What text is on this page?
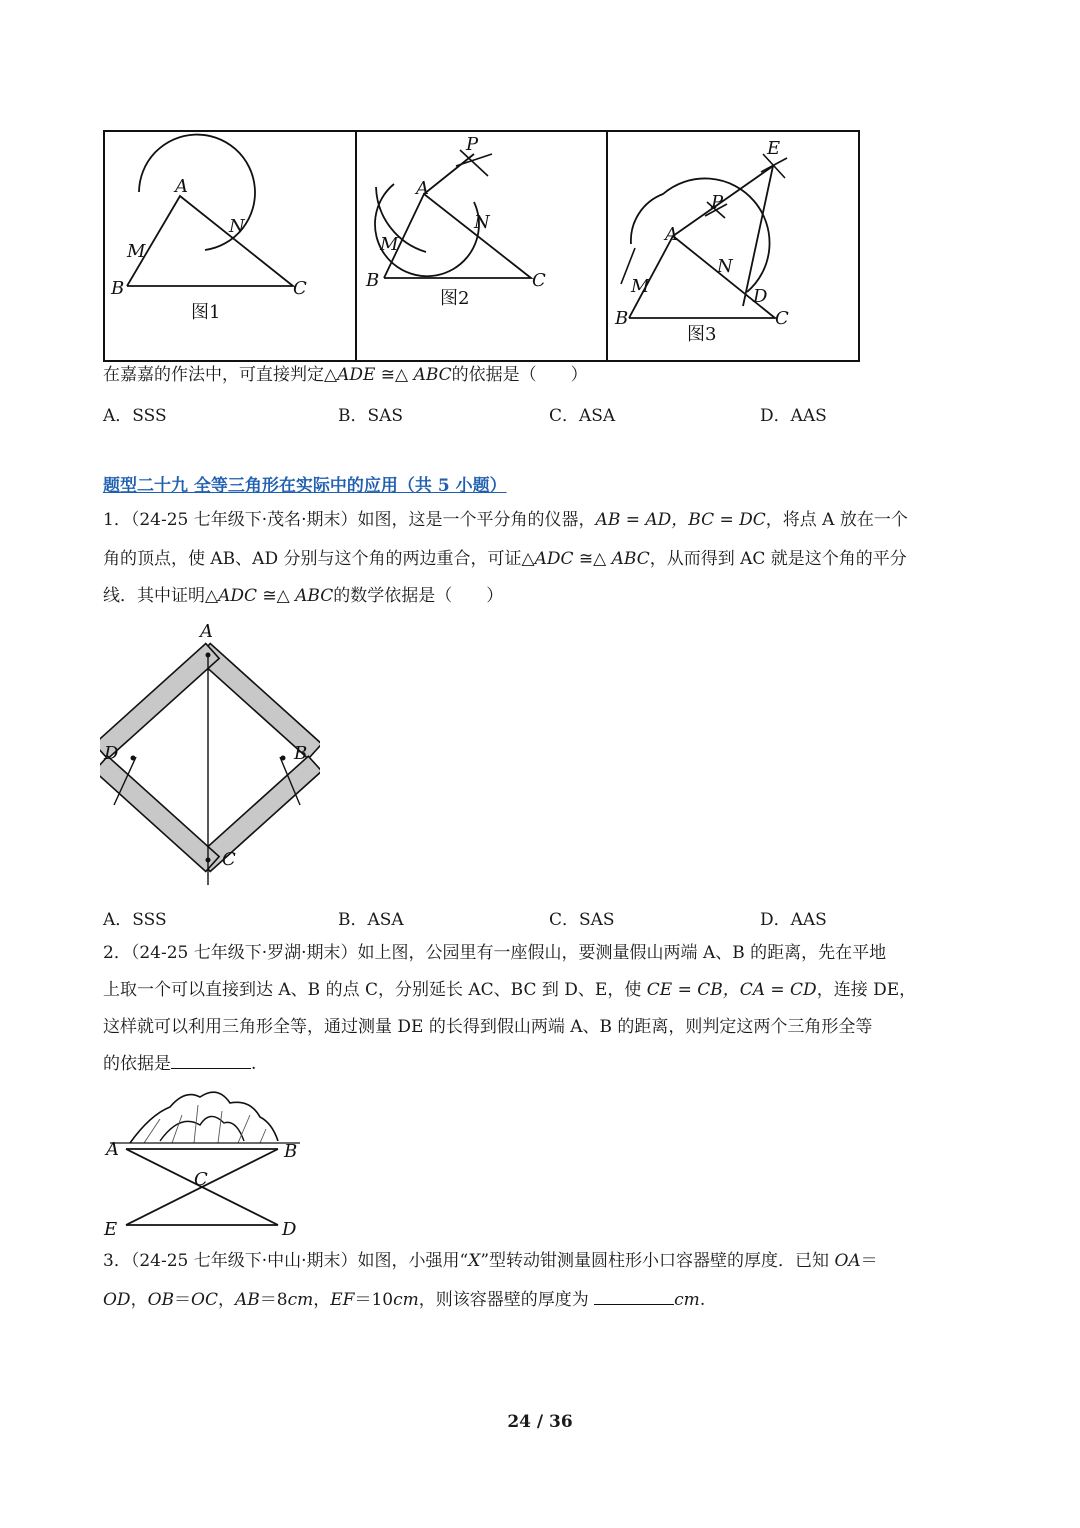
A
N
M
B	C
图1
P
A
N
M
B	C
图2
E
P
A
N
M	D
B	C
图3
在嘉嘉的作法中，可直接判定△ADE ≅△ ABC的依据是（　　）
A．SSS	B．SAS	C．ASA	D．AAS
题型二十九 全等三角形在实际中的应用（共 5 小题）
1．（24-25 七年级下·茂名·期末）如图，这是一个平分角的仪器，AB = AD，BC = DC，将点 A 放在一个
角的顶点，使 AB、AD 分别与这个角的两边重合，可证△ADC ≅△ ABC，从而得到 AC 就是这个角的平分
线．其中证明△ADC ≅△ ABC的数学依据是（　　）
A
D	B
C
A．SSS	B．ASA	C．SAS	D．AAS
2．（24-25 七年级下·罗湖·期末）如上图，公园里有一座假山，要测量假山两端 A、B 的距离，先在平地
上取一个可以直接到达 A、B 的点 C，分别延长 AC、BC 到 D、E，使 CE = CB，CA = CD，连接 DE，
这样就可以利用三角形全等，通过测量 DE 的长得到假山两端 A、B 的距离，则判定这两个三角形全等
的依据是	.
A	B
C
E	D
3．（24-25 七年级下·中山·期末）如图，小强用“X”型转动钳测量圆柱形小口容器壁的厚度．已知 OA＝
OD，OB＝OC，AB＝8cm，EF＝10cm，则该容器壁的厚度为	cm.
24 / 36
